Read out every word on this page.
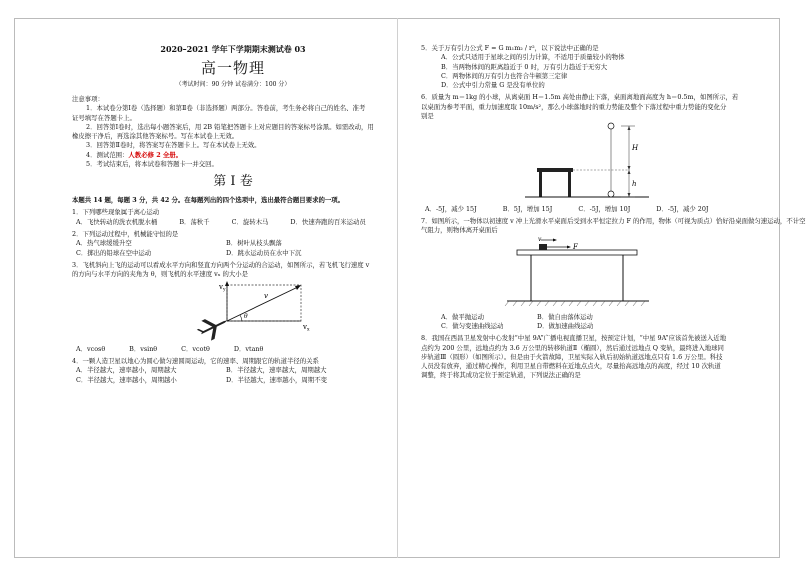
2020–2021 学年下学期期末测试卷 03
高一物理
（考试时间：90 分钟 试卷满分：100 分）
注意事项：
1．本试卷分第Ⅰ卷（选择题）和第Ⅱ卷（非选择题）两部分。答卷前，考生务必将自己的姓名、准考
证号填写在答题卡上。
2．回答第Ⅰ卷时，选出每小题答案后，用 2B 铅笔把答题卡上对应题目的答案标号涂黑。如需改动，用
橡皮擦干净后，再选涂其他答案标号。写在本试卷上无效。
3．回答第Ⅱ卷时，将答案写在答题卡上。写在本试卷上无效。
4．测试范围：人教必修 2 全册。
5．考试结束后，将本试卷和答题卡一并交回。
第 Ⅰ 卷
本题共 14 题，每题 3 分，共 42 分。在每题列出的四个选项中，选出最符合题目要求的一项。
1．下列哪些现象属于离心运动
A．飞快转动的洗衣机脱水桶	B．荡秋千	C．旋转木马	D．快速奔跑的百米运动员
2．下列运动过程中，机械能守恒的是
A．热气球缓缓升空	B．树叶从枝头飘落
C．掷出的铅球在空中运动	D．跳水运动员在水中下沉
3．飞机斜向上飞的运动可以看成水平方向和竖直方向两个分运动的合运动，如图所示，若飞机飞行速度 v
的方向与水平方向的夹角为 θ，则飞机的水平速度 vₓ 的大小是
$v_y$
v
θ
$v_x$
A．vcosθ	B．vsinθ	C．vcotθ	D．vtanθ
4．一颗人造卫星以地心为圆心做匀速圆周运动，它的速率、周期跟它的轨道半径的关系
A．半径越大，速率越小，周期越大	B．半径越大，速率越大，周期越大
C．半径越大，速率越小，周期越小	D．半径越大，速率越小，周期不变
5．关于万有引力公式 F = G m₁m₂ / r²，以下说法中正确的是
A．公式只适用于星球之间的引力计算，不适用于质量较小的物体
B．当两物体间的距离趋近于 0 时，万有引力趋近于无穷大
C．两物体间的万有引力也符合牛顿第三定律
D．公式中引力常量 G 是没有单位的
6．质量为 m＝1kg 的小球，从离桌面 H＝1.5m 高处由静止下落，桌面离地面高度为 h＝0.5m，如图所示，若
以桌面为参考平面，重力加速度取 10m/s²，那么小球落地时的重力势能及整个下落过程中重力势能的变化分
别是
H
h
A．-5J，减少 15J	B．5J，增加 15J	C．-5J，增加 10J	D．-5J，减少 20J
7．如图所示，一物体以初速度 v 冲上光滑水平桌面后受到水平恒定拉力 F 的作用，物体（可视为质点）恰好沿桌面做匀速运动，不计空
气阻力，则物体离开桌面后
v
F
A．做平抛运动	B．做自由落体运动
C．做匀变速曲线运动	D．做加速曲线运动
8．我国在西昌卫星发射中心发射“中星 9A”广播电视直播卫星，按预定计划，“中星 9A”应该首先被送入近地
点约为 200 公里，远地点约为 3.6 万公里的转移轨道Ⅱ（椭圆），然后通过远地点 Q 变轨，最终进入地球同
步轨道Ⅲ（圆形）（如图所示）。但是由于火箭故障，卫星实际入轨后初始轨道远地点只有 1.6 万公里。科技
人员没有放弃，通过精心操作，利用卫星自带燃料在近地点点火，尽量抬高远地点的高度，经过 10 次轨道
调整，终于将其成功定位于预定轨道，下列说法正确的是
